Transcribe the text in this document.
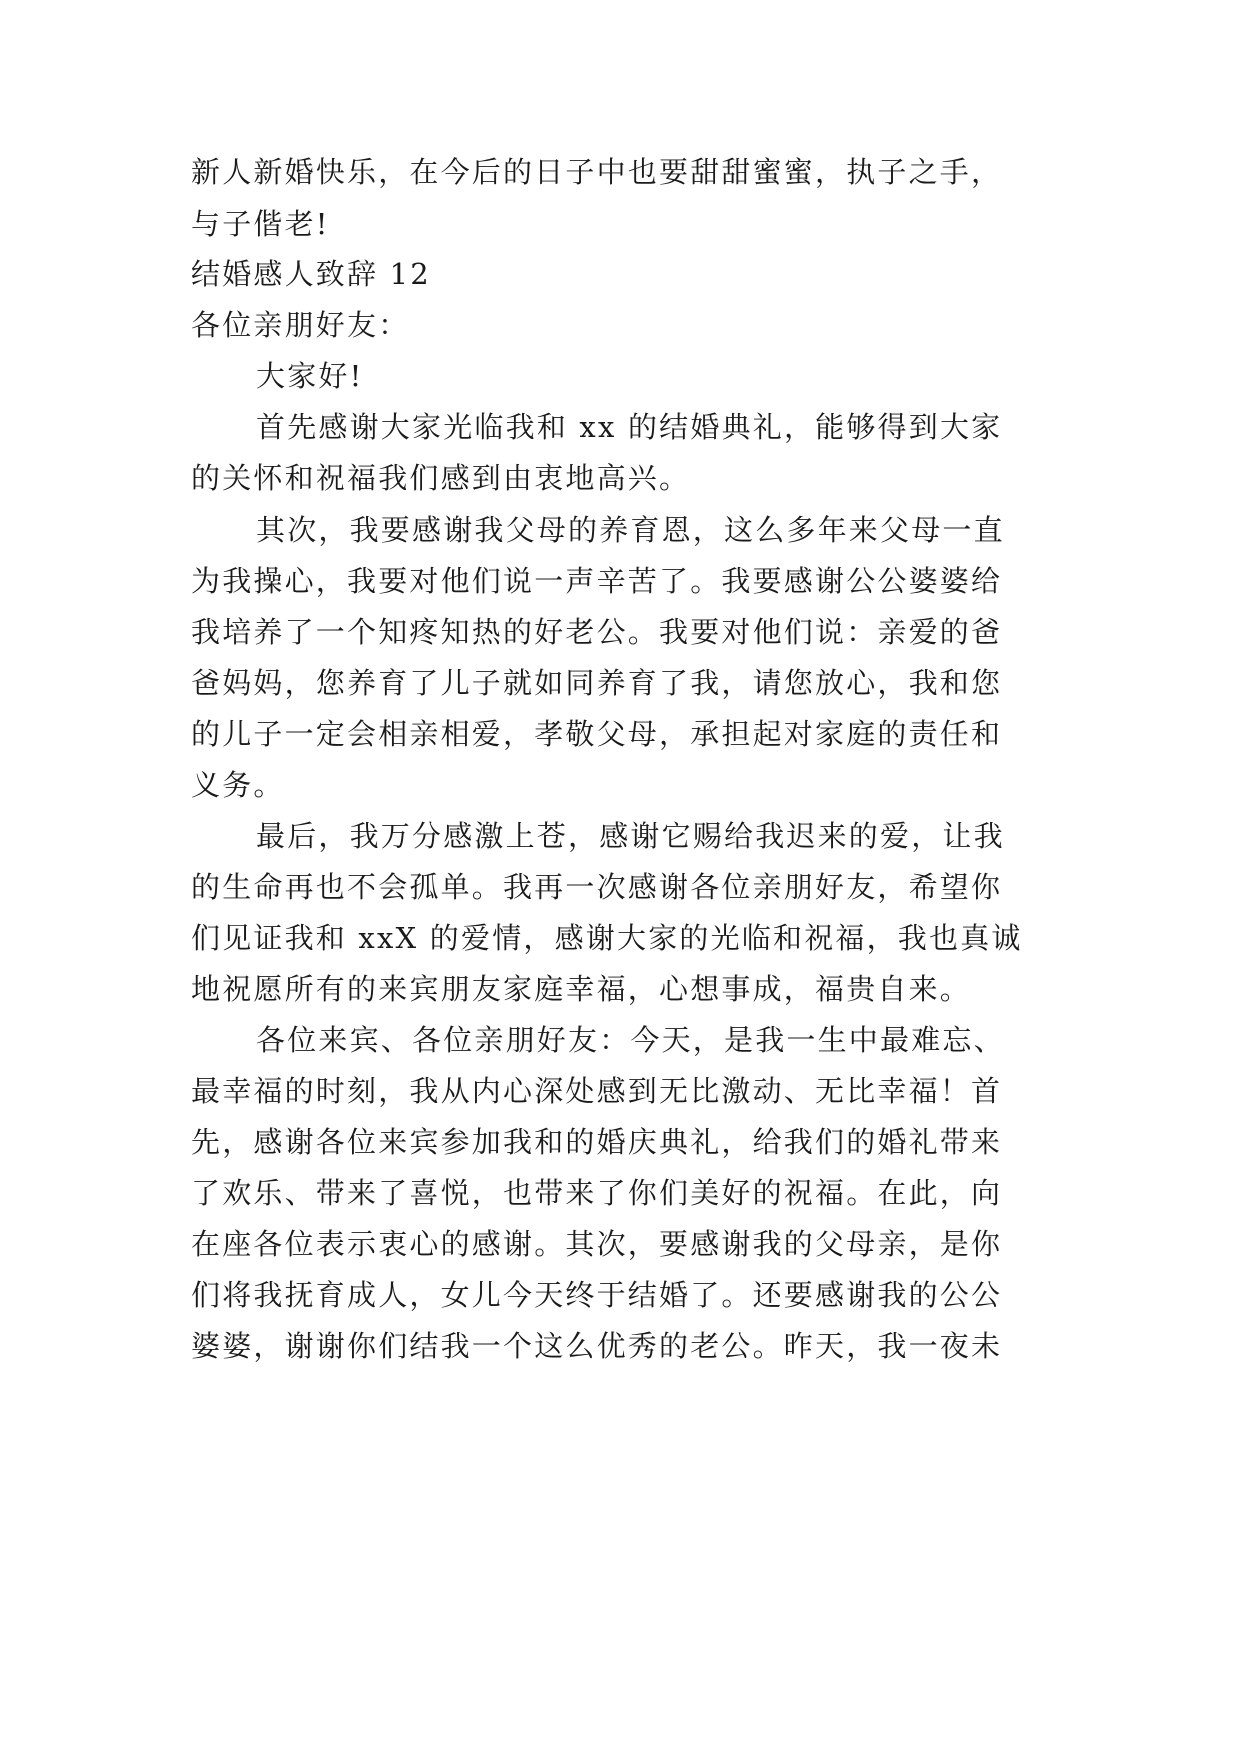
新人新婚快乐，在今后的日子中也要甜甜蜜蜜，执子之手，
与子偕老!
结婚感人致辞 12
各位亲朋好友：
大家好!
首先感谢大家光临我和 xx 的结婚典礼，能够得到大家
的关怀和祝福我们感到由衷地高兴。
其次，我要感谢我父母的养育恩，这么多年来父母一直
为我操心，我要对他们说一声辛苦了。我要感谢公公婆婆给
我培养了一个知疼知热的好老公。我要对他们说：亲爱的爸
爸妈妈，您养育了儿子就如同养育了我，请您放心，我和您
的儿子一定会相亲相爱，孝敬父母，承担起对家庭的责任和
义务。
最后，我万分感激上苍，感谢它赐给我迟来的爱，让我
的生命再也不会孤单。我再一次感谢各位亲朋好友，希望你
们见证我和 xxX 的爱情，感谢大家的光临和祝福，我也真诚
地祝愿所有的来宾朋友家庭幸福，心想事成，福贵自来。
各位来宾、各位亲朋好友：今天，是我一生中最难忘、
最幸福的时刻，我从内心深处感到无比激动、无比幸福！首
先，感谢各位来宾参加我和的婚庆典礼，给我们的婚礼带来
了欢乐、带来了喜悦，也带来了你们美好的祝福。在此，向
在座各位表示衷心的感谢。其次，要感谢我的父母亲，是你
们将我抚育成人，女儿今天终于结婚了。还要感谢我的公公
婆婆，谢谢你们结我一个这么优秀的老公。昨天，我一夜未
